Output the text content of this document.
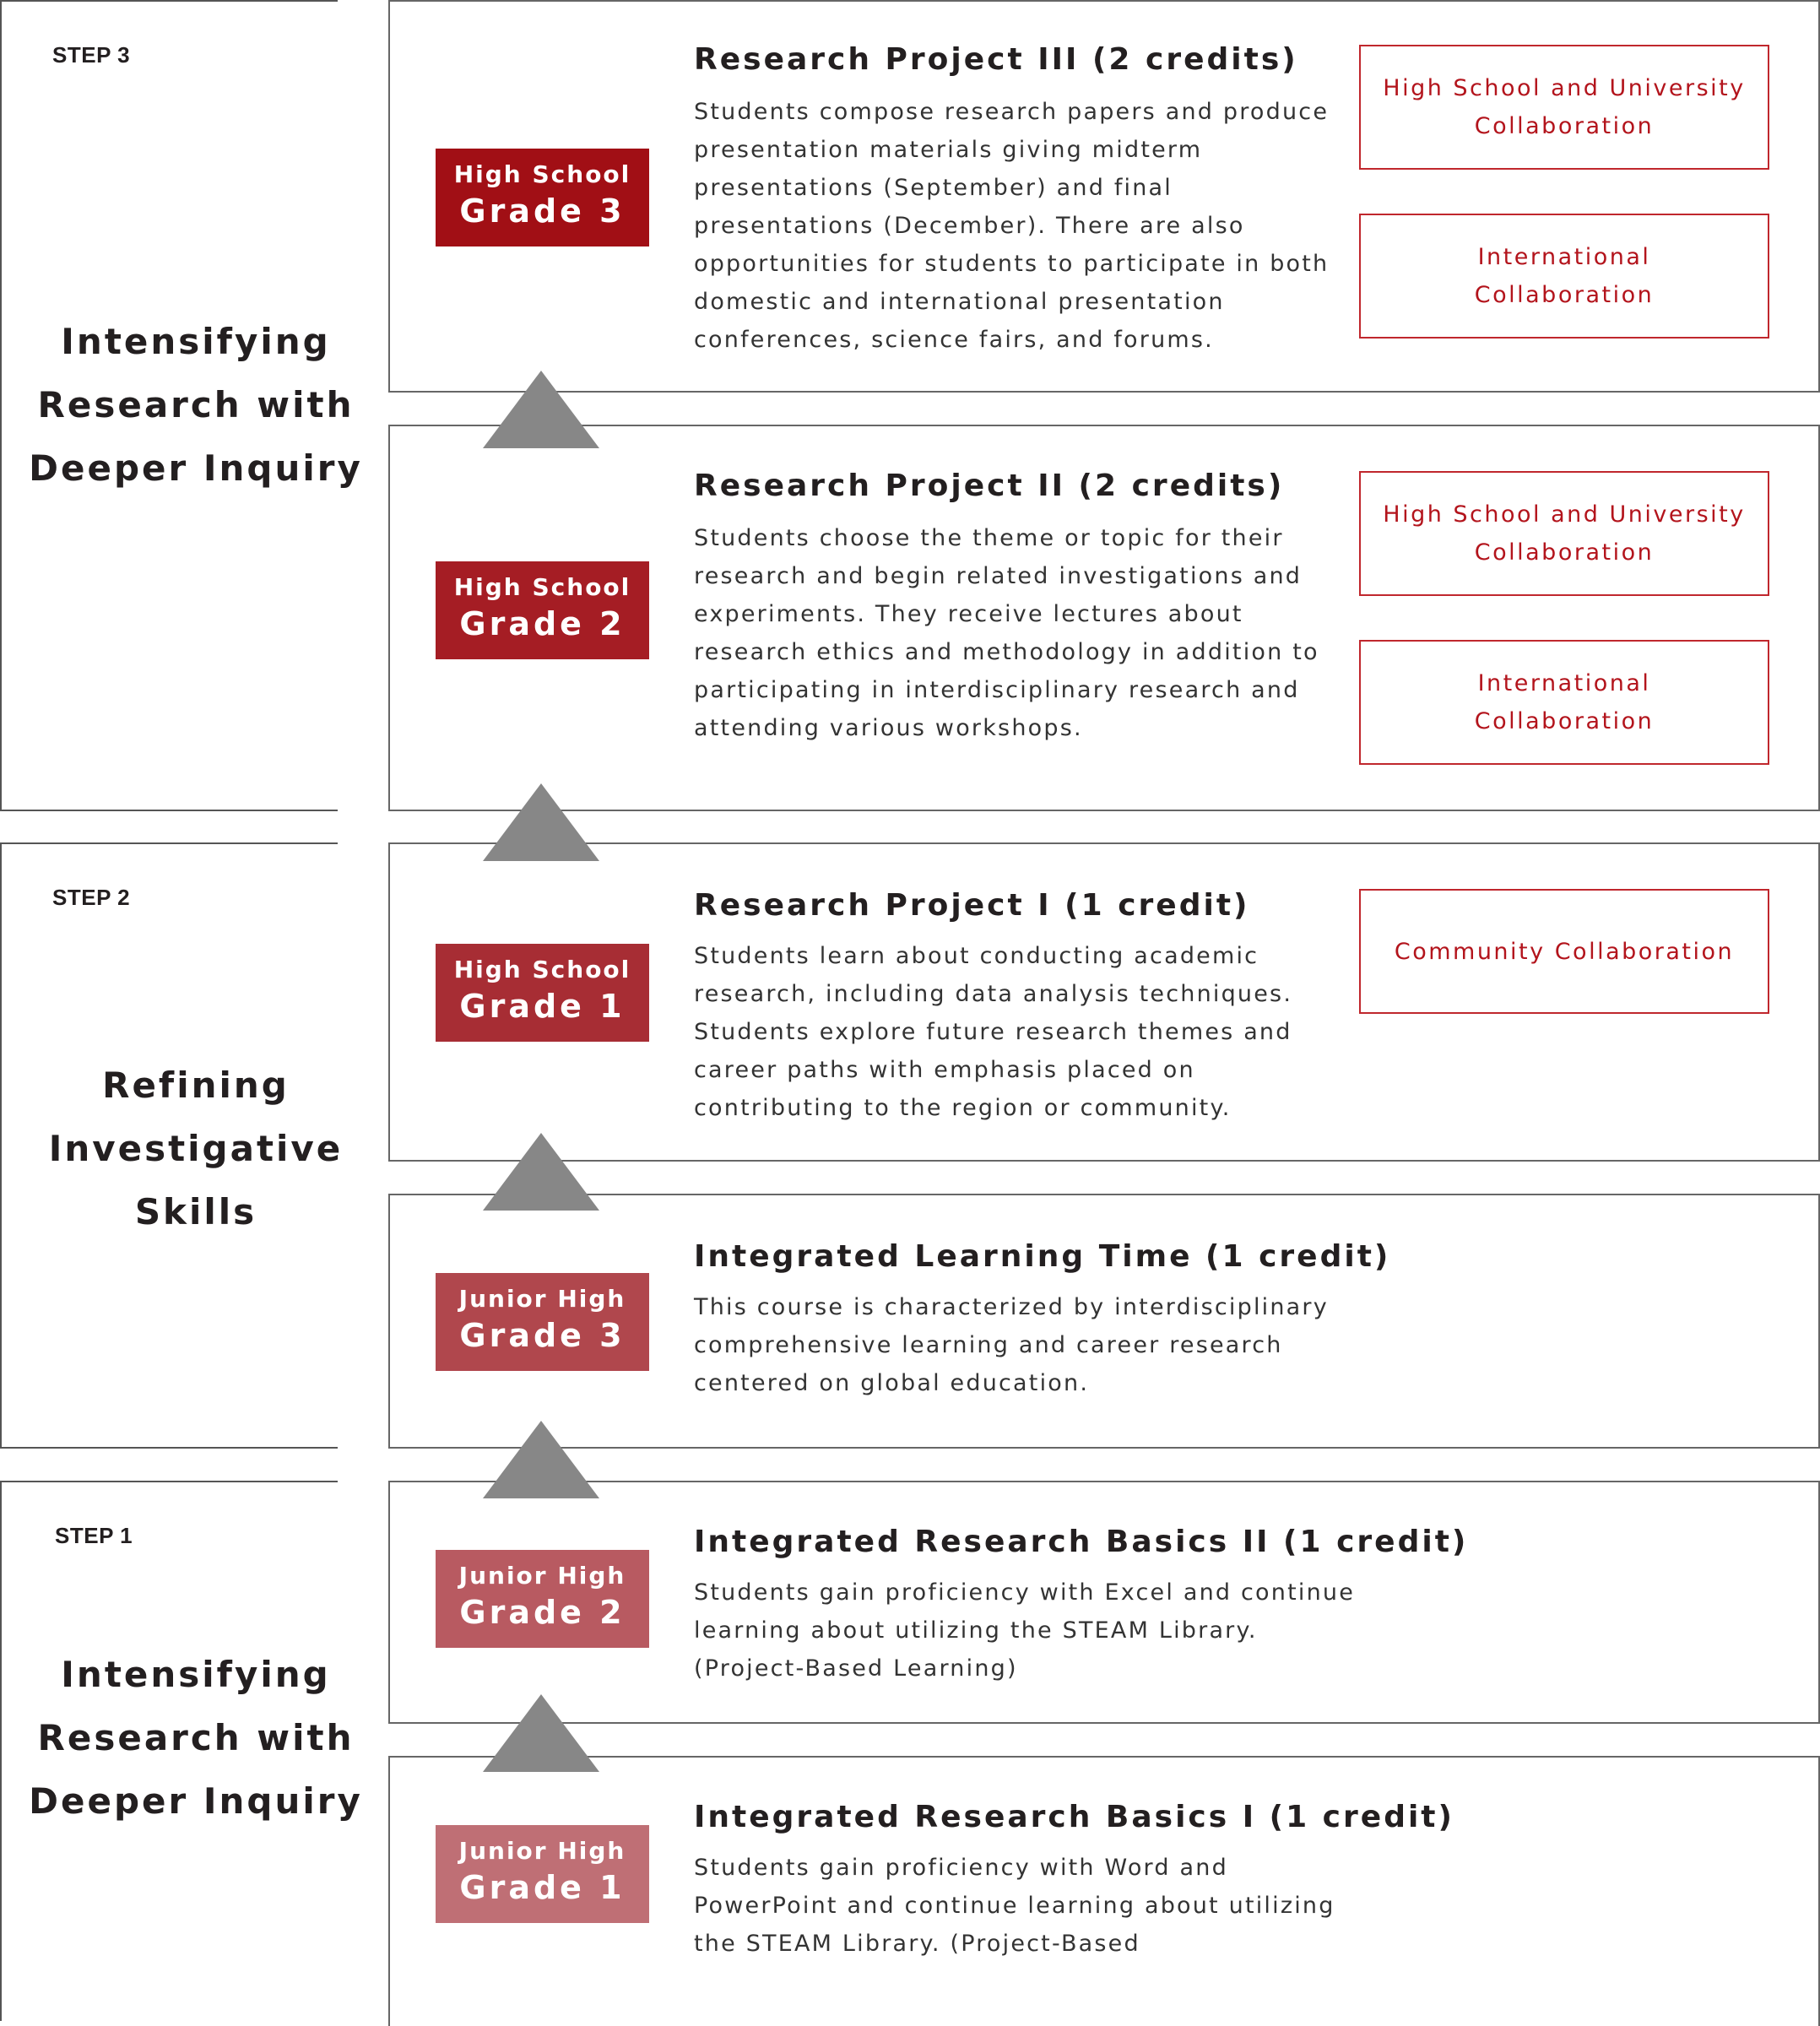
STEP 3
Intensifying
Research with
Deeper Inquiry
STEP 2
Refining
Investigative
Skills
STEP 1
Intensifying
Research with
Deeper Inquiry
High School
Grade 3
Research Project III (2 credits)

Students compose research papers and produce presentation materials giving midterm presentations (September) and final presentations (December). There are also opportunities for students to participate in both domestic and international presentation conferences, science fairs, and forums.

High School and University Collaboration
International Collaboration
High School
Grade 2
Research Project II (2 credits)

Students choose the theme or topic for their research and begin related investigations and experiments. They receive lectures about research ethics and methodology in addition to participating in interdisciplinary research and attending various workshops.

High School and University Collaboration
International Collaboration
High School
Grade 1
Research Project I (1 credit)

Students learn about conducting academic research, including data analysis techniques. Students explore future research themes and career paths with emphasis placed on contributing to the region or community.

Community Collaboration
Junior High
Grade 3
Integrated Learning Time (1 credit)

This course is characterized by interdisciplinary comprehensive learning and career research centered on global education.

Junior High
Grade 2
Integrated Research Basics II (1 credit)

Students gain proficiency with Excel and continue learning about utilizing the STEAM Library. (Project-Based Learning)

Junior High
Grade 1
Integrated Research Basics I (1 credit)

Students gain proficiency with Word and PowerPoint and continue learning about utilizing the STEAM Library. (Project-Based
